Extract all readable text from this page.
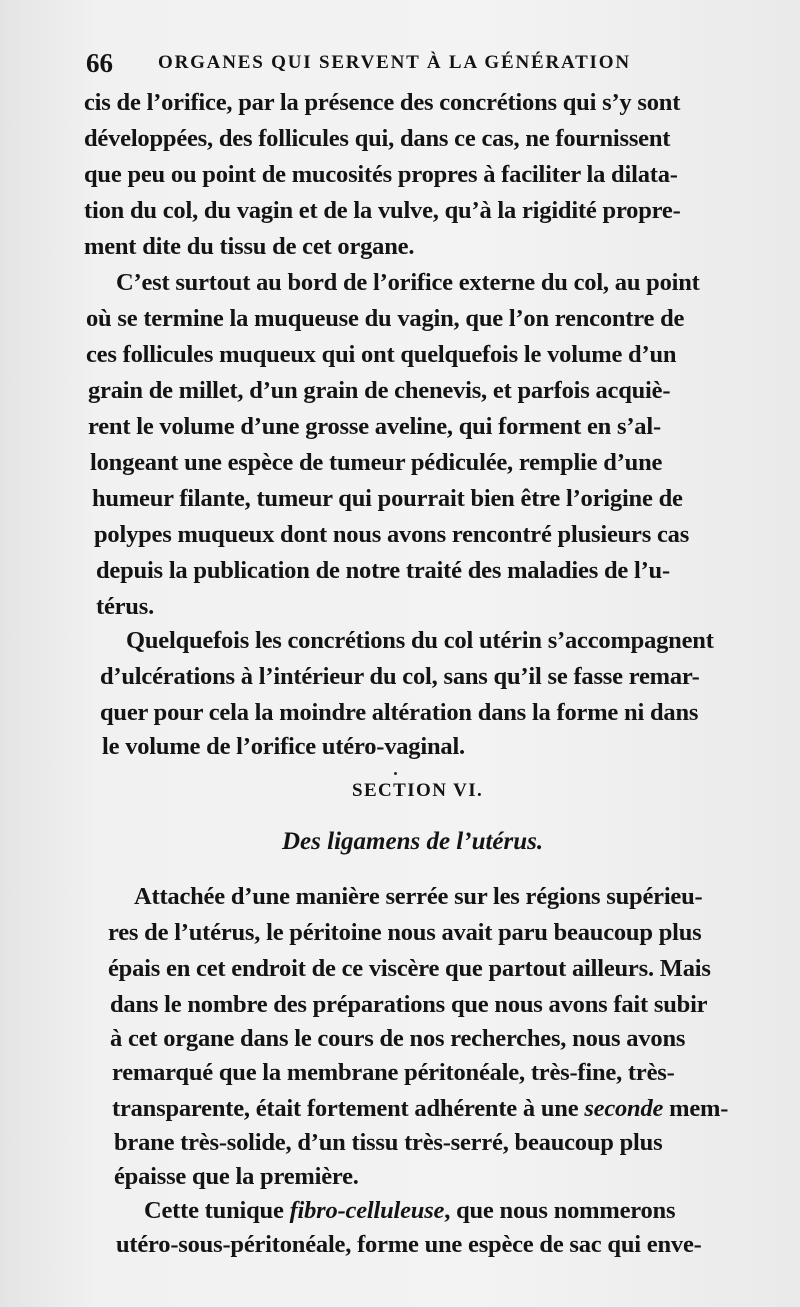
66 ORGANES QUI SERVENT À LA GÉNÉRATION
cis de l’orifice, par la présence des concrétions qui s’y sont
développées, des follicules qui, dans ce cas, ne fournissent
que peu ou point de mucosités propres à faciliter la dilata-
tion du col, du vagin et de la vulve, qu’à la rigidité propre-
ment dite du tissu de cet organe.
C’est surtout au bord de l’orifice externe du col, au point
où se termine la muqueuse du vagin, que l’on rencontre de
ces follicules muqueux qui ont quelquefois le volume d’un
grain de millet, d’un grain de chenevis, et parfois acquiè-
rent le volume d’une grosse aveline, qui forment en s’al-
longeant une espèce de tumeur pédiculée, remplie d’une
humeur filante, tumeur qui pourrait bien être l’origine de
polypes muqueux dont nous avons rencontré plusieurs cas
depuis la publication de notre traité des maladies de l’u-
térus.
Quelquefois les concrétions du col utérin s’accompagnent
d’ulcérations à l’intérieur du col, sans qu’il se fasse remar-
quer pour cela la moindre altération dans la forme ni dans
le volume de l’orifice utéro-vaginal.
SECTION VI.
Des ligamens de l’utérus.
Attachée d’une manière serrée sur les régions supérieu-
res de l’utérus, le péritoine nous avait paru beaucoup plus
épais en cet endroit de ce viscère que partout ailleurs. Mais
dans le nombre des préparations que nous avons fait subir
à cet organe dans le cours de nos recherches, nous avons
remarqué que la membrane péritonéale, très-fine, très-
transparente, était fortement adhérente à une seconde mem-
brane très-solide, d’un tissu très-serré, beaucoup plus
épaisse que la première.
Cette tunique fibro-celluleuse, que nous nommerons
utéro-sous-péritonéale, forme une espèce de sac qui enve-
